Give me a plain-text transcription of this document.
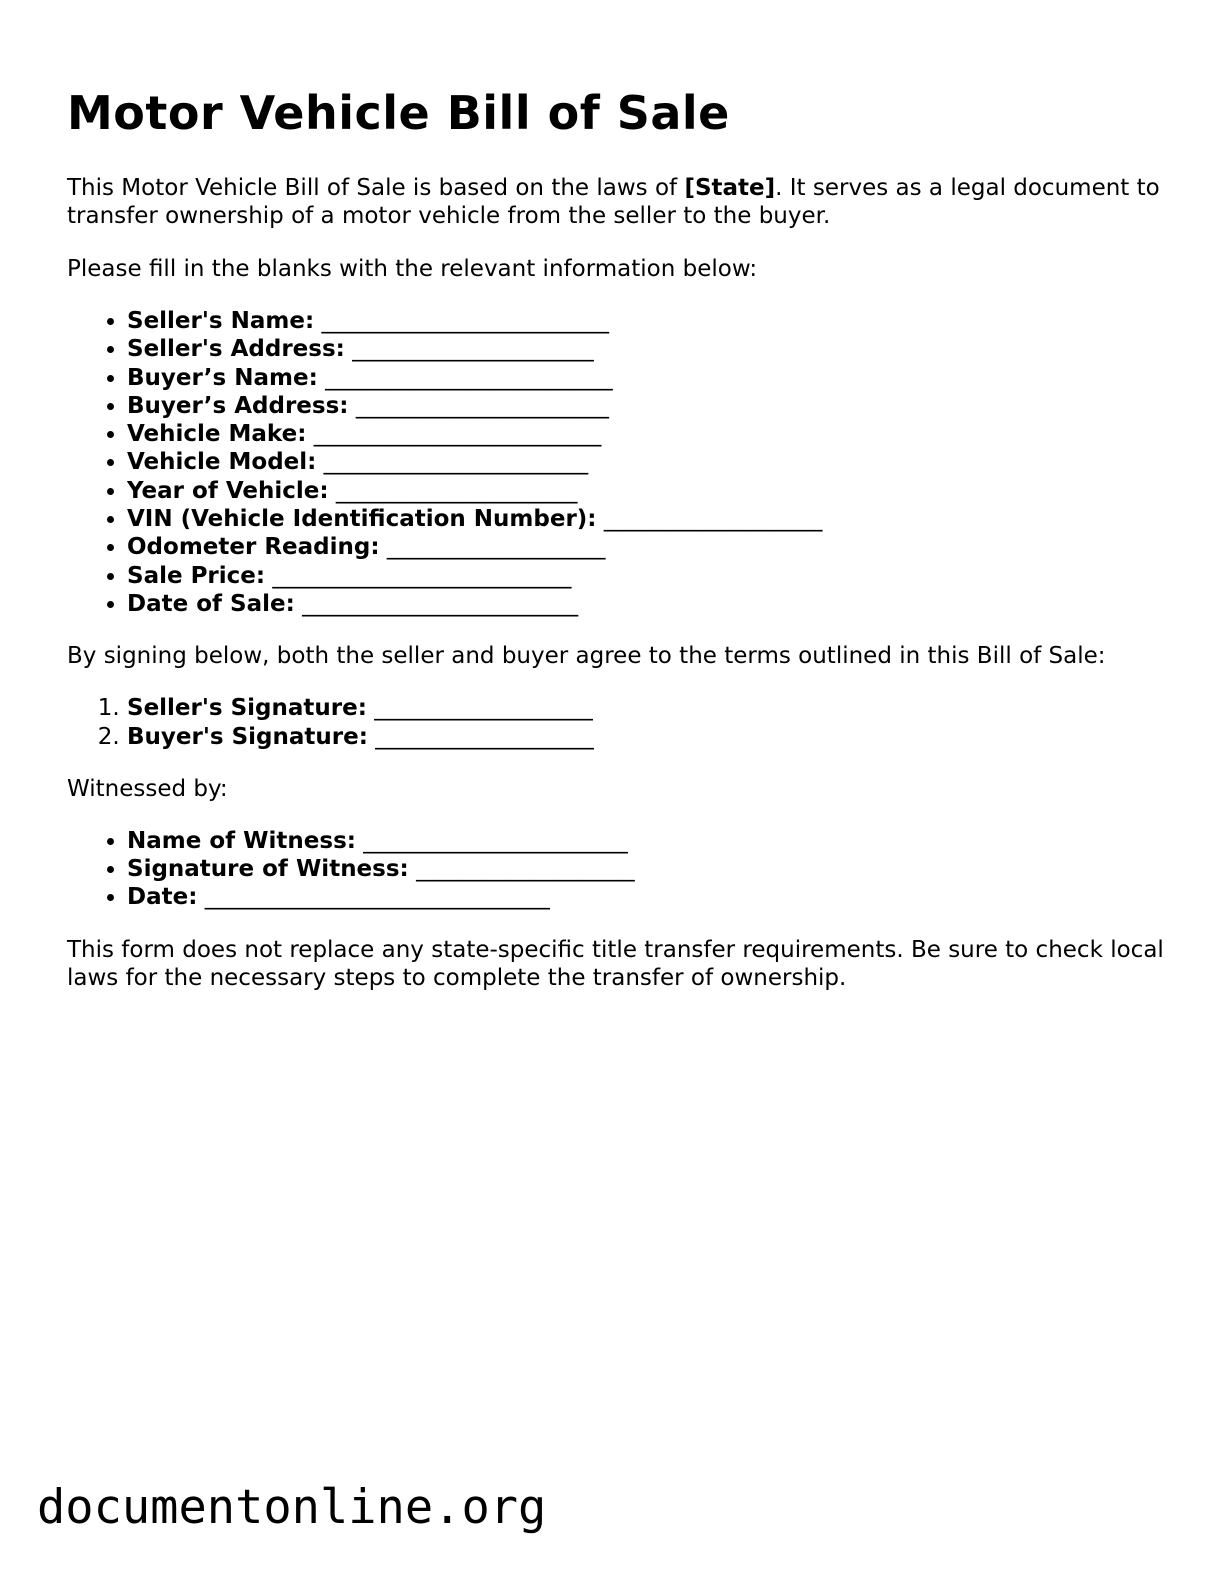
Motor Vehicle Bill of Sale

This Motor Vehicle Bill of Sale is based on the laws of [State]. It serves as a legal document to transfer ownership of a motor vehicle from the seller to the buyer.

Please fill in the blanks with the relevant information below:

• Seller's Name: _________________________
• Seller's Address: _____________________
• Buyer’s Name: _________________________
• Buyer’s Address: ______________________
• Vehicle Make: _________________________
• Vehicle Model: _______________________
• Year of Vehicle: _____________________
• VIN (Vehicle Identification Number): ___________________
• Odometer Reading: ___________________
• Sale Price: __________________________
• Date of Sale: ________________________

By signing below, both the seller and buyer agree to the terms outlined in this Bill of Sale:

1. Seller's Signature: ___________________
2. Buyer's Signature: ___________________

Witnessed by:

• Name of Witness: _______________________
• Signature of Witness: ___________________
• Date: ______________________________

This form does not replace any state-specific title transfer requirements. Be sure to check local laws for the necessary steps to complete the transfer of ownership.

documentonline.org
